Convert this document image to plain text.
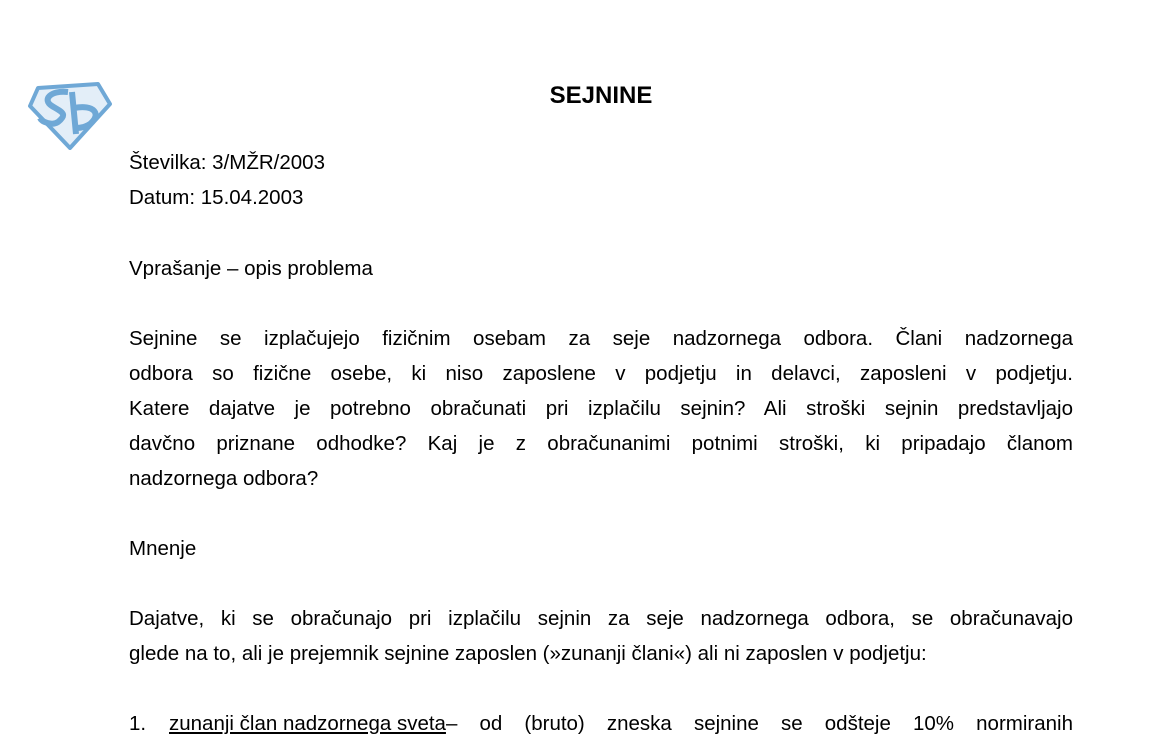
SEJNINE
Številka: 3/MŽR/2003
Datum: 15.04.2003
Vprašanje – opis problema
Sejnine se izplačujejo fizičnim osebam za seje nadzornega odbora. Člani nadzornega
odbora so fizične osebe, ki niso zaposlene v podjetju in delavci, zaposleni v podjetju.
Katere dajatve je potrebno obračunati pri izplačilu sejnin? Ali stroški sejnin predstavljajo
davčno priznane odhodke? Kaj je z obračunanimi potnimi stroški, ki pripadajo članom
nadzornega odbora?
Mnenje
Dajatve, ki se obračunajo pri izplačilu sejnin za seje nadzornega odbora, se obračunavajo
glede na to, ali je prejemnik sejnine zaposlen (»zunanji člani«) ali ni zaposlen v podjetju:
1.	zunanji član nadzornega sveta – od (bruto) zneska sejnine se odšteje 10% normiranih
